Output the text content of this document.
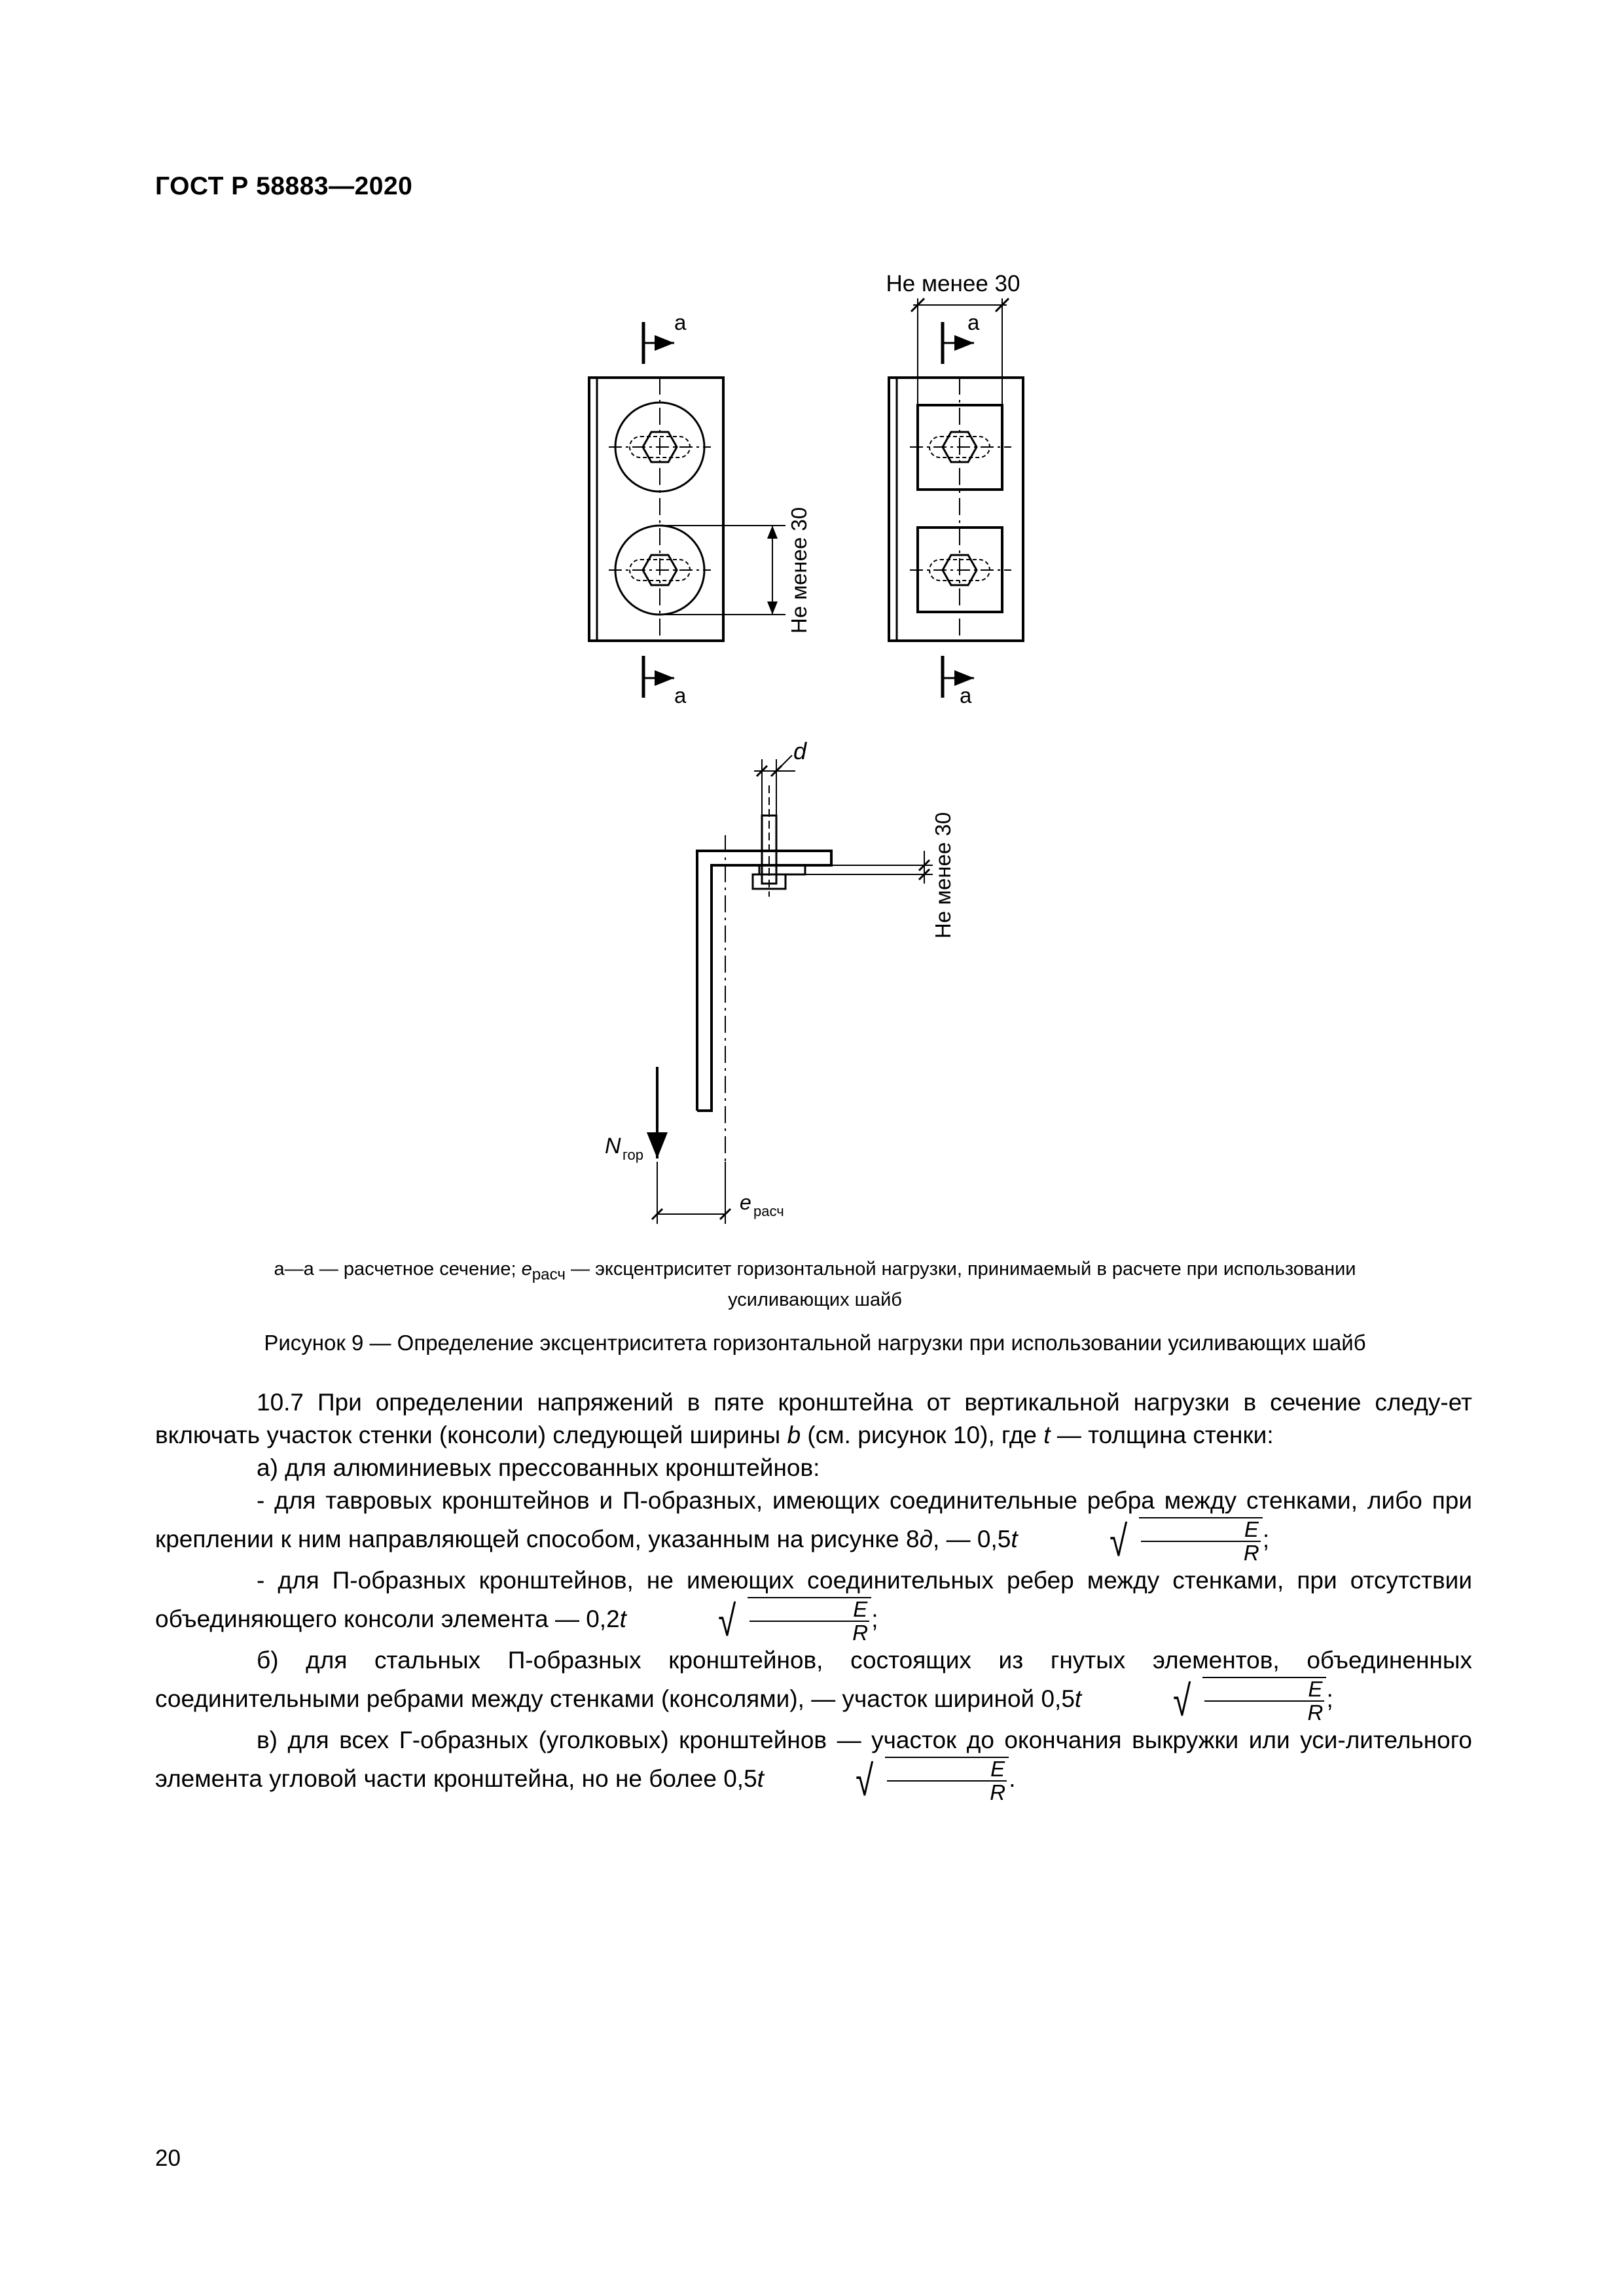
ГОСТ Р 58883—2020
Не менее 30
Не менее 30
Не менее 30
a
a
a
a
d
N гор
e расч
а—а — расчетное сечение; $e_{расч}$ — эксцентриситет горизонтальной нагрузки, принимаемый в расчете при использовании
усиливающих шайб
Рисунок 9 — Определение эксцентриситета горизонтальной нагрузки при использовании усиливающих шайб

10.7 При определении напряжений в пяте кронштейна от вертикальной нагрузки в сечение следу-ет включать участок стенки (консоли) следующей ширины b (см. рисунок 10), где t — толщина стенки:

а) для алюминиевых прессованных кронштейнов:

- для тавровых кронштейнов и П-образных, имеющих соединительные ребра между стенками, либо при креплении к ним направляющей способом, указанным на рисунке 8д, — 0,5t	√ $\frac{E}{R}$ ;

- для П-образных кронштейнов, не имеющих соединительных ребер между стенками, при отсутствии объединяющего консоли элемента — 0,2t	√ $\frac{E}{R}$ ;

б) для стальных П-образных кронштейнов, состоящих из гнутых элементов, объединенных соединительными ребрами между стенками (консолями), — участок шириной 0,5t	√ $\frac{E}{R}$ ;

в) для всех Г-образных (уголковых) кронштейнов — участок до окончания выкружки или уси-лительного элемента угловой части кронштейна, но не более 0,5t	√ $\frac{E}{R}$ .

20
